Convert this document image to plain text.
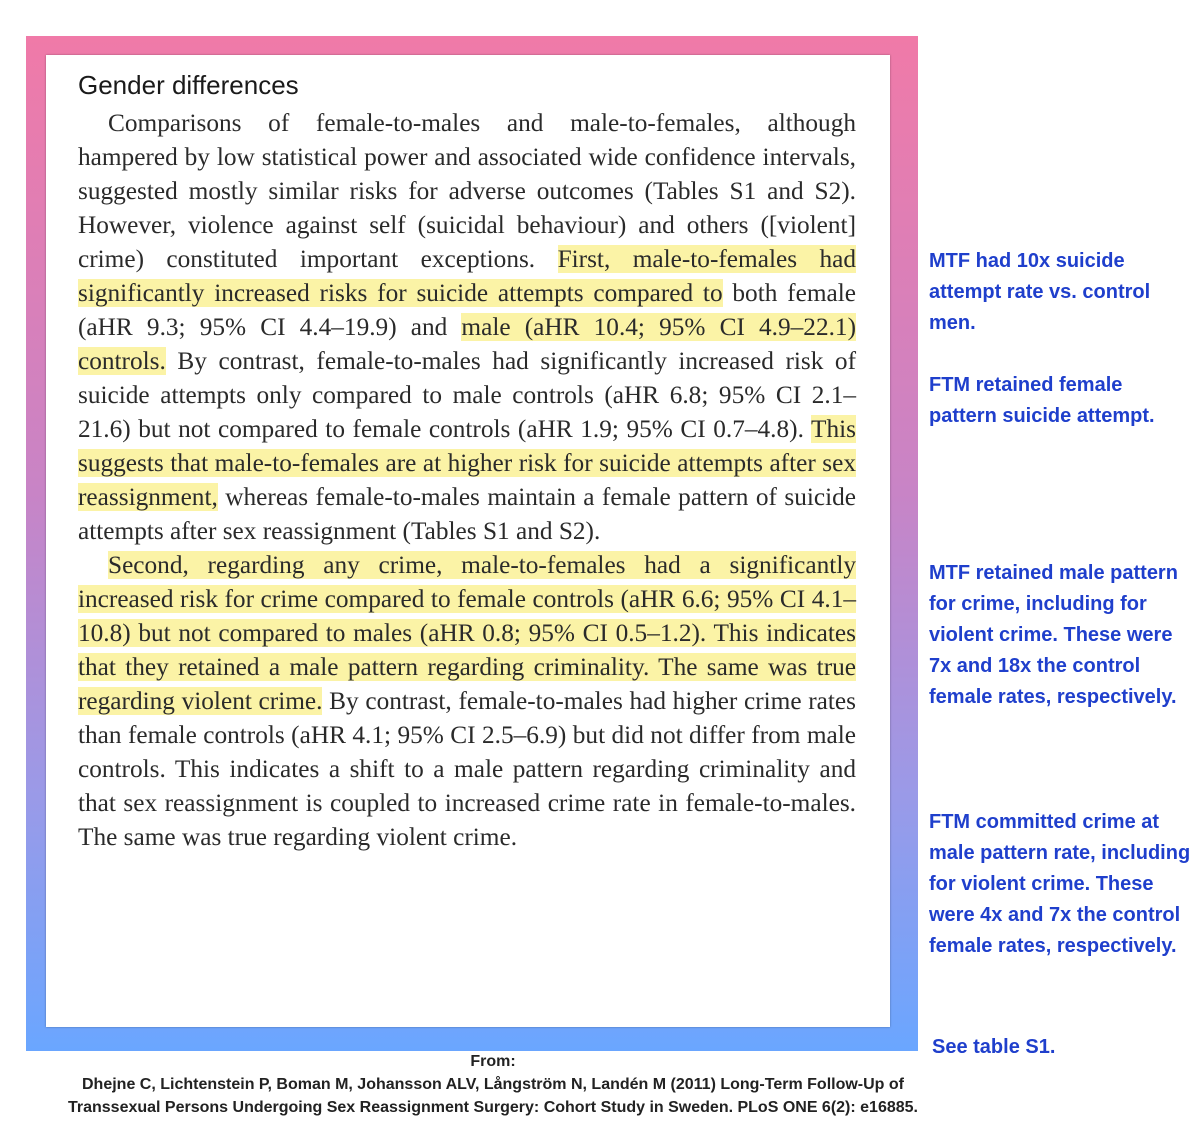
Gender differences

Comparisons of female-to-males and male-to-females, although hampered by low statistical power and associated wide confidence intervals, suggested mostly similar risks for adverse outcomes (Tables S1 and S2). However, violence against self (suicidal behaviour) and others ([violent] crime) constituted important exceptions. First, male-to-females had significantly increased risks for suicide attempts compared to both female (aHR 9.3; 95% CI 4.4–19.9) and male (aHR 10.4; 95% CI 4.9–22.1) controls. By contrast, female-to-males had significantly increased risk of suicide attempts only compared to male controls (aHR 6.8; 95% CI 2.1–21.6) but not compared to female controls (aHR 1.9; 95% CI 0.7–4.8). This suggests that male-to-females are at higher risk for suicide attempts after sex reassignment, whereas female-to-males maintain a female pattern of suicide attempts after sex reassignment (Tables S1 and S2).

Second, regarding any crime, male-to-females had a significantly increased risk for crime compared to female controls (aHR 6.6; 95% CI 4.1–10.8) but not compared to males (aHR 0.8; 95% CI 0.5–1.2). This indicates that they retained a male pattern regarding criminality. The same was true regarding violent crime. By contrast, female-to-males had higher crime rates than female controls (aHR 4.1; 95% CI 2.5–6.9) but did not differ from male controls. This indicates a shift to a male pattern regarding criminality and that sex reassignment is coupled to increased crime rate in female-to-males. The same was true regarding violent crime.

MTF had 10x suicide attempt rate vs. control men.

FTM retained female pattern suicide attempt.

MTF retained male pattern for crime, including for violent crime. These were 7x and 18x the control female rates, respectively.

FTM committed crime at male pattern rate, including for violent crime. These were 4x and 7x the control female rates, respectively.

See table S1.

From:
Dhejne C, Lichtenstein P, Boman M, Johansson ALV, Långström N, Landén M (2011) Long-Term Follow-Up of
Transsexual Persons Undergoing Sex Reassignment Surgery: Cohort Study in Sweden. PLoS ONE 6(2): e16885.
